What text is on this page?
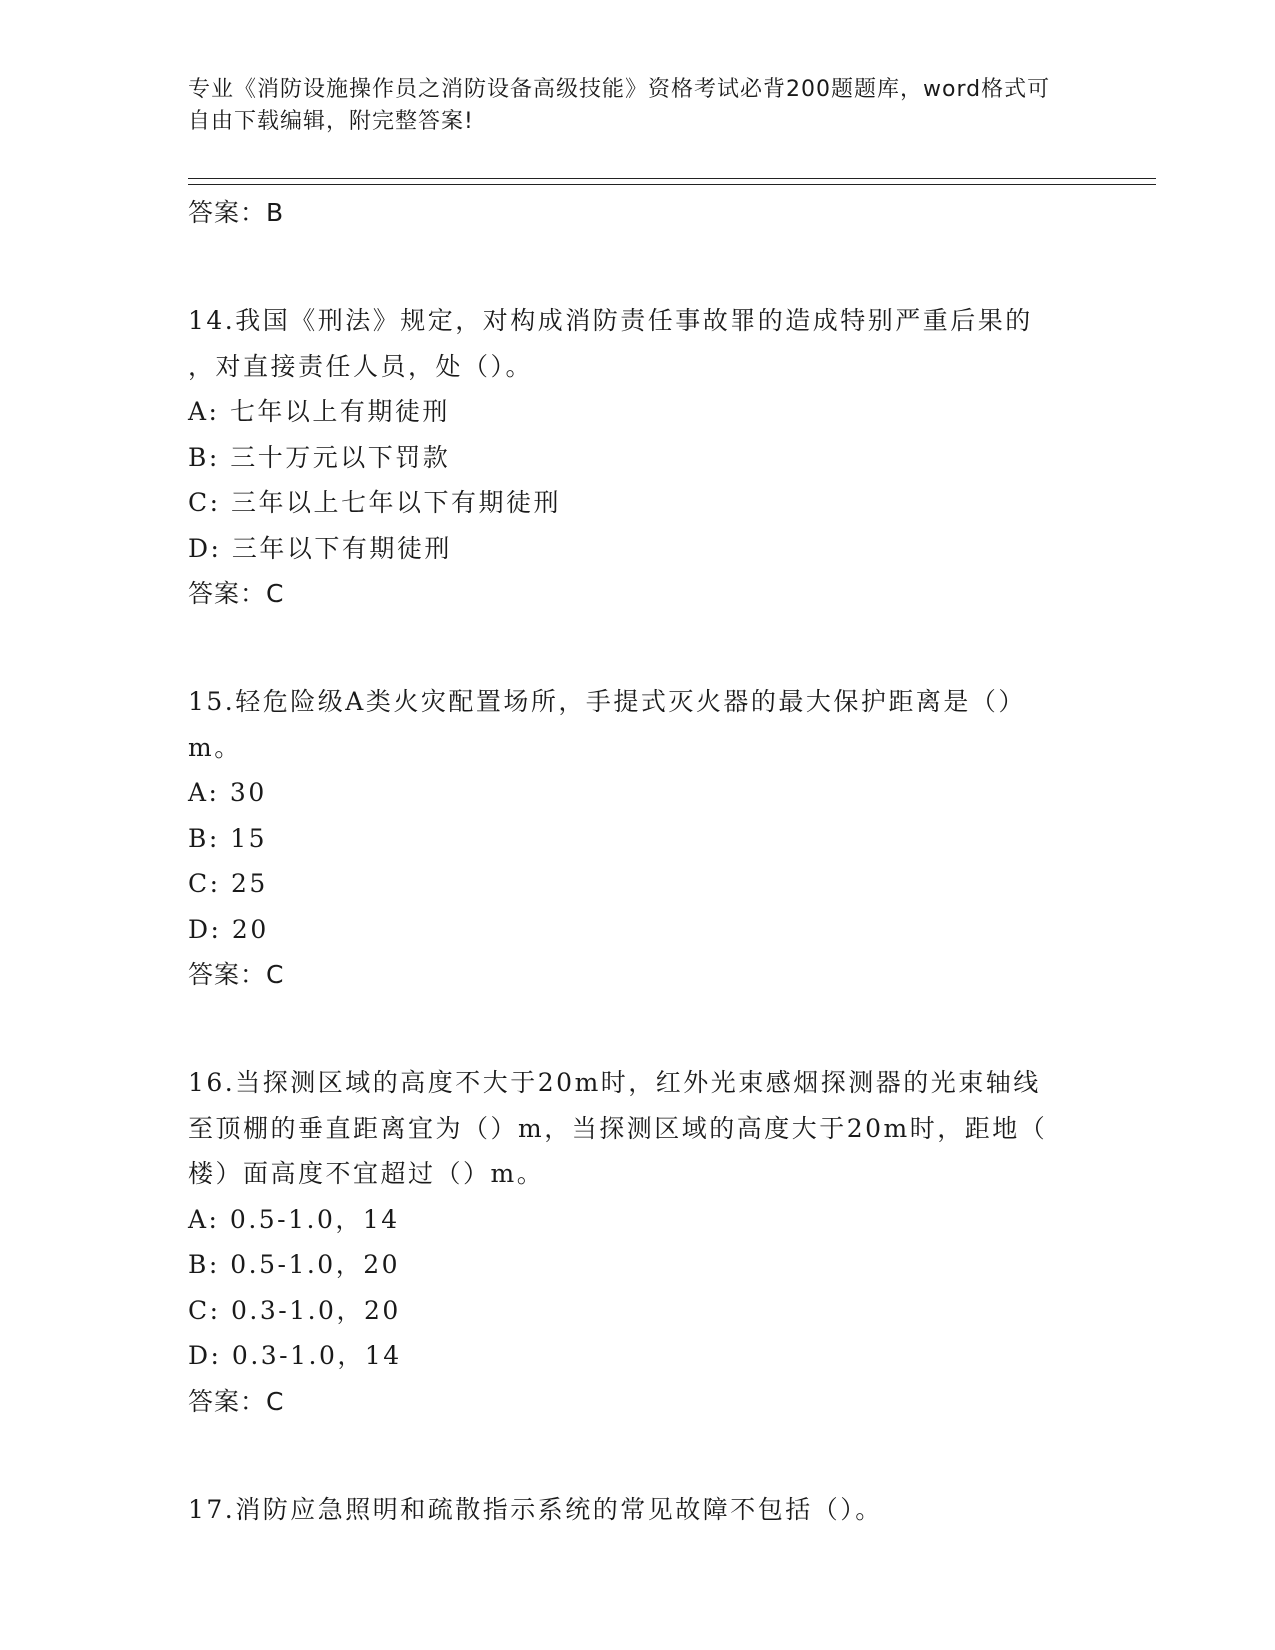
专业《消防设施操作员之消防设备高级技能》资格考试必背200题题库，word格式可自由下载编辑，附完整答案!
答案：B
14.我国《刑法》规定，对构成消防责任事故罪的造成特别严重后果的
，对直接责任人员，处（）。
A: 七年以上有期徒刑
B: 三十万元以下罚款
C: 三年以上七年以下有期徒刑
D: 三年以下有期徒刑
答案：C
15.轻危险级A类火灾配置场所，手提式灭火器的最大保护距离是（）
m。
A: 30
B: 15
C: 25
D: 20
答案：C
16.当探测区域的高度不大于20m时，红外光束感烟探测器的光束轴线
至顶棚的垂直距离宜为（）m，当探测区域的高度大于20m时，距地（
楼）面高度不宜超过（）m。
A: 0.5-1.0，14
B: 0.5-1.0，20
C: 0.3-1.0，20
D: 0.3-1.0，14
答案：C
17.消防应急照明和疏散指示系统的常见故障不包括（）。
